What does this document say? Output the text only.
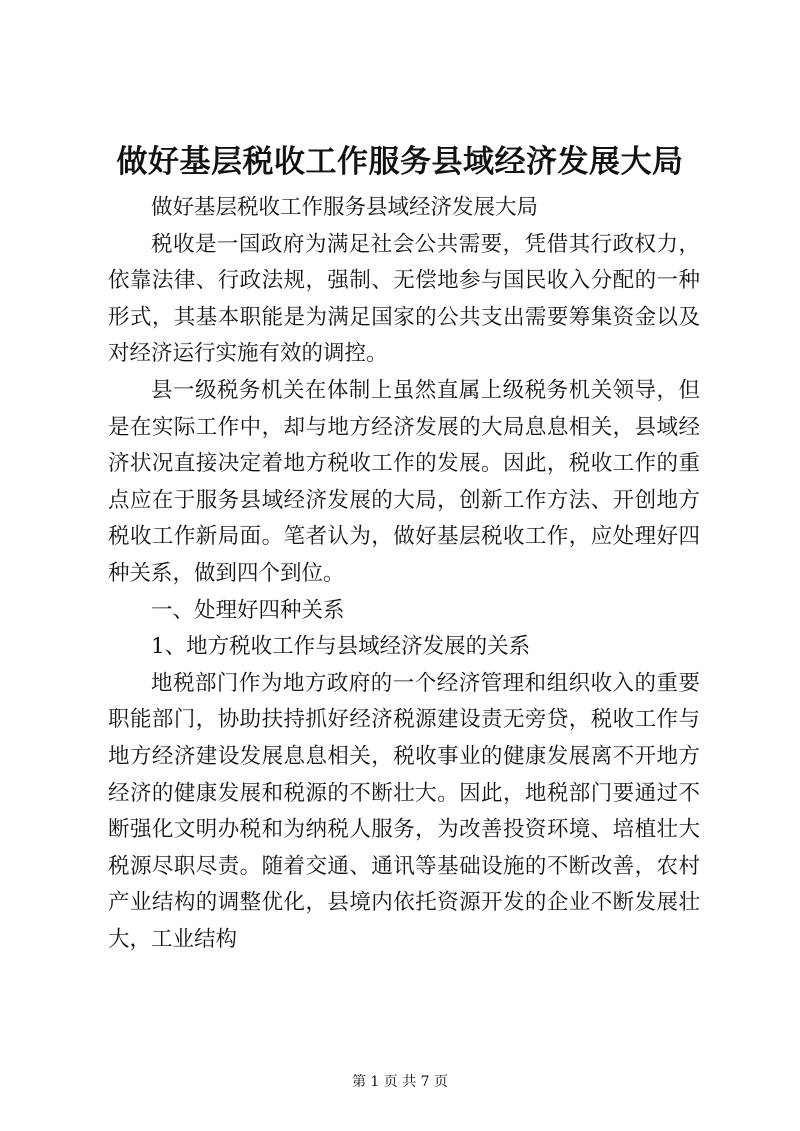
做好基层税收工作服务县域经济发展大局

做好基层税收工作服务县域经济发展大局

税收是一国政府为满足社会公共需要，凭借其行政权力，依靠法律、行政法规，强制、无偿地参与国民收入分配的一种形式，其基本职能是为满足国家的公共支出需要筹集资金以及对经济运行实施有效的调控。

县一级税务机关在体制上虽然直属上级税务机关领导，但是在实际工作中，却与地方经济发展的大局息息相关，县域经济状况直接决定着地方税收工作的发展。因此，税收工作的重点应在于服务县域经济发展的大局，创新工作方法、开创地方税收工作新局面。笔者认为，做好基层税收工作，应处理好四种关系，做到四个到位。

一、处理好四种关系

1、地方税收工作与县域经济发展的关系

地税部门作为地方政府的一个经济管理和组织收入的重要职能部门，协助扶持抓好经济税源建设责无旁贷，税收工作与地方经济建设发展息息相关，税收事业的健康发展离不开地方经济的健康发展和税源的不断壮大。因此，地税部门要通过不断强化文明办税和为纳税人服务，为改善投资环境、培植壮大税源尽职尽责。随着交通、通讯等基础设施的不断改善，农村产业结构的调整优化，县境内依托资源开发的企业不断发展壮大，工业结构

第 1 页 共 7 页
